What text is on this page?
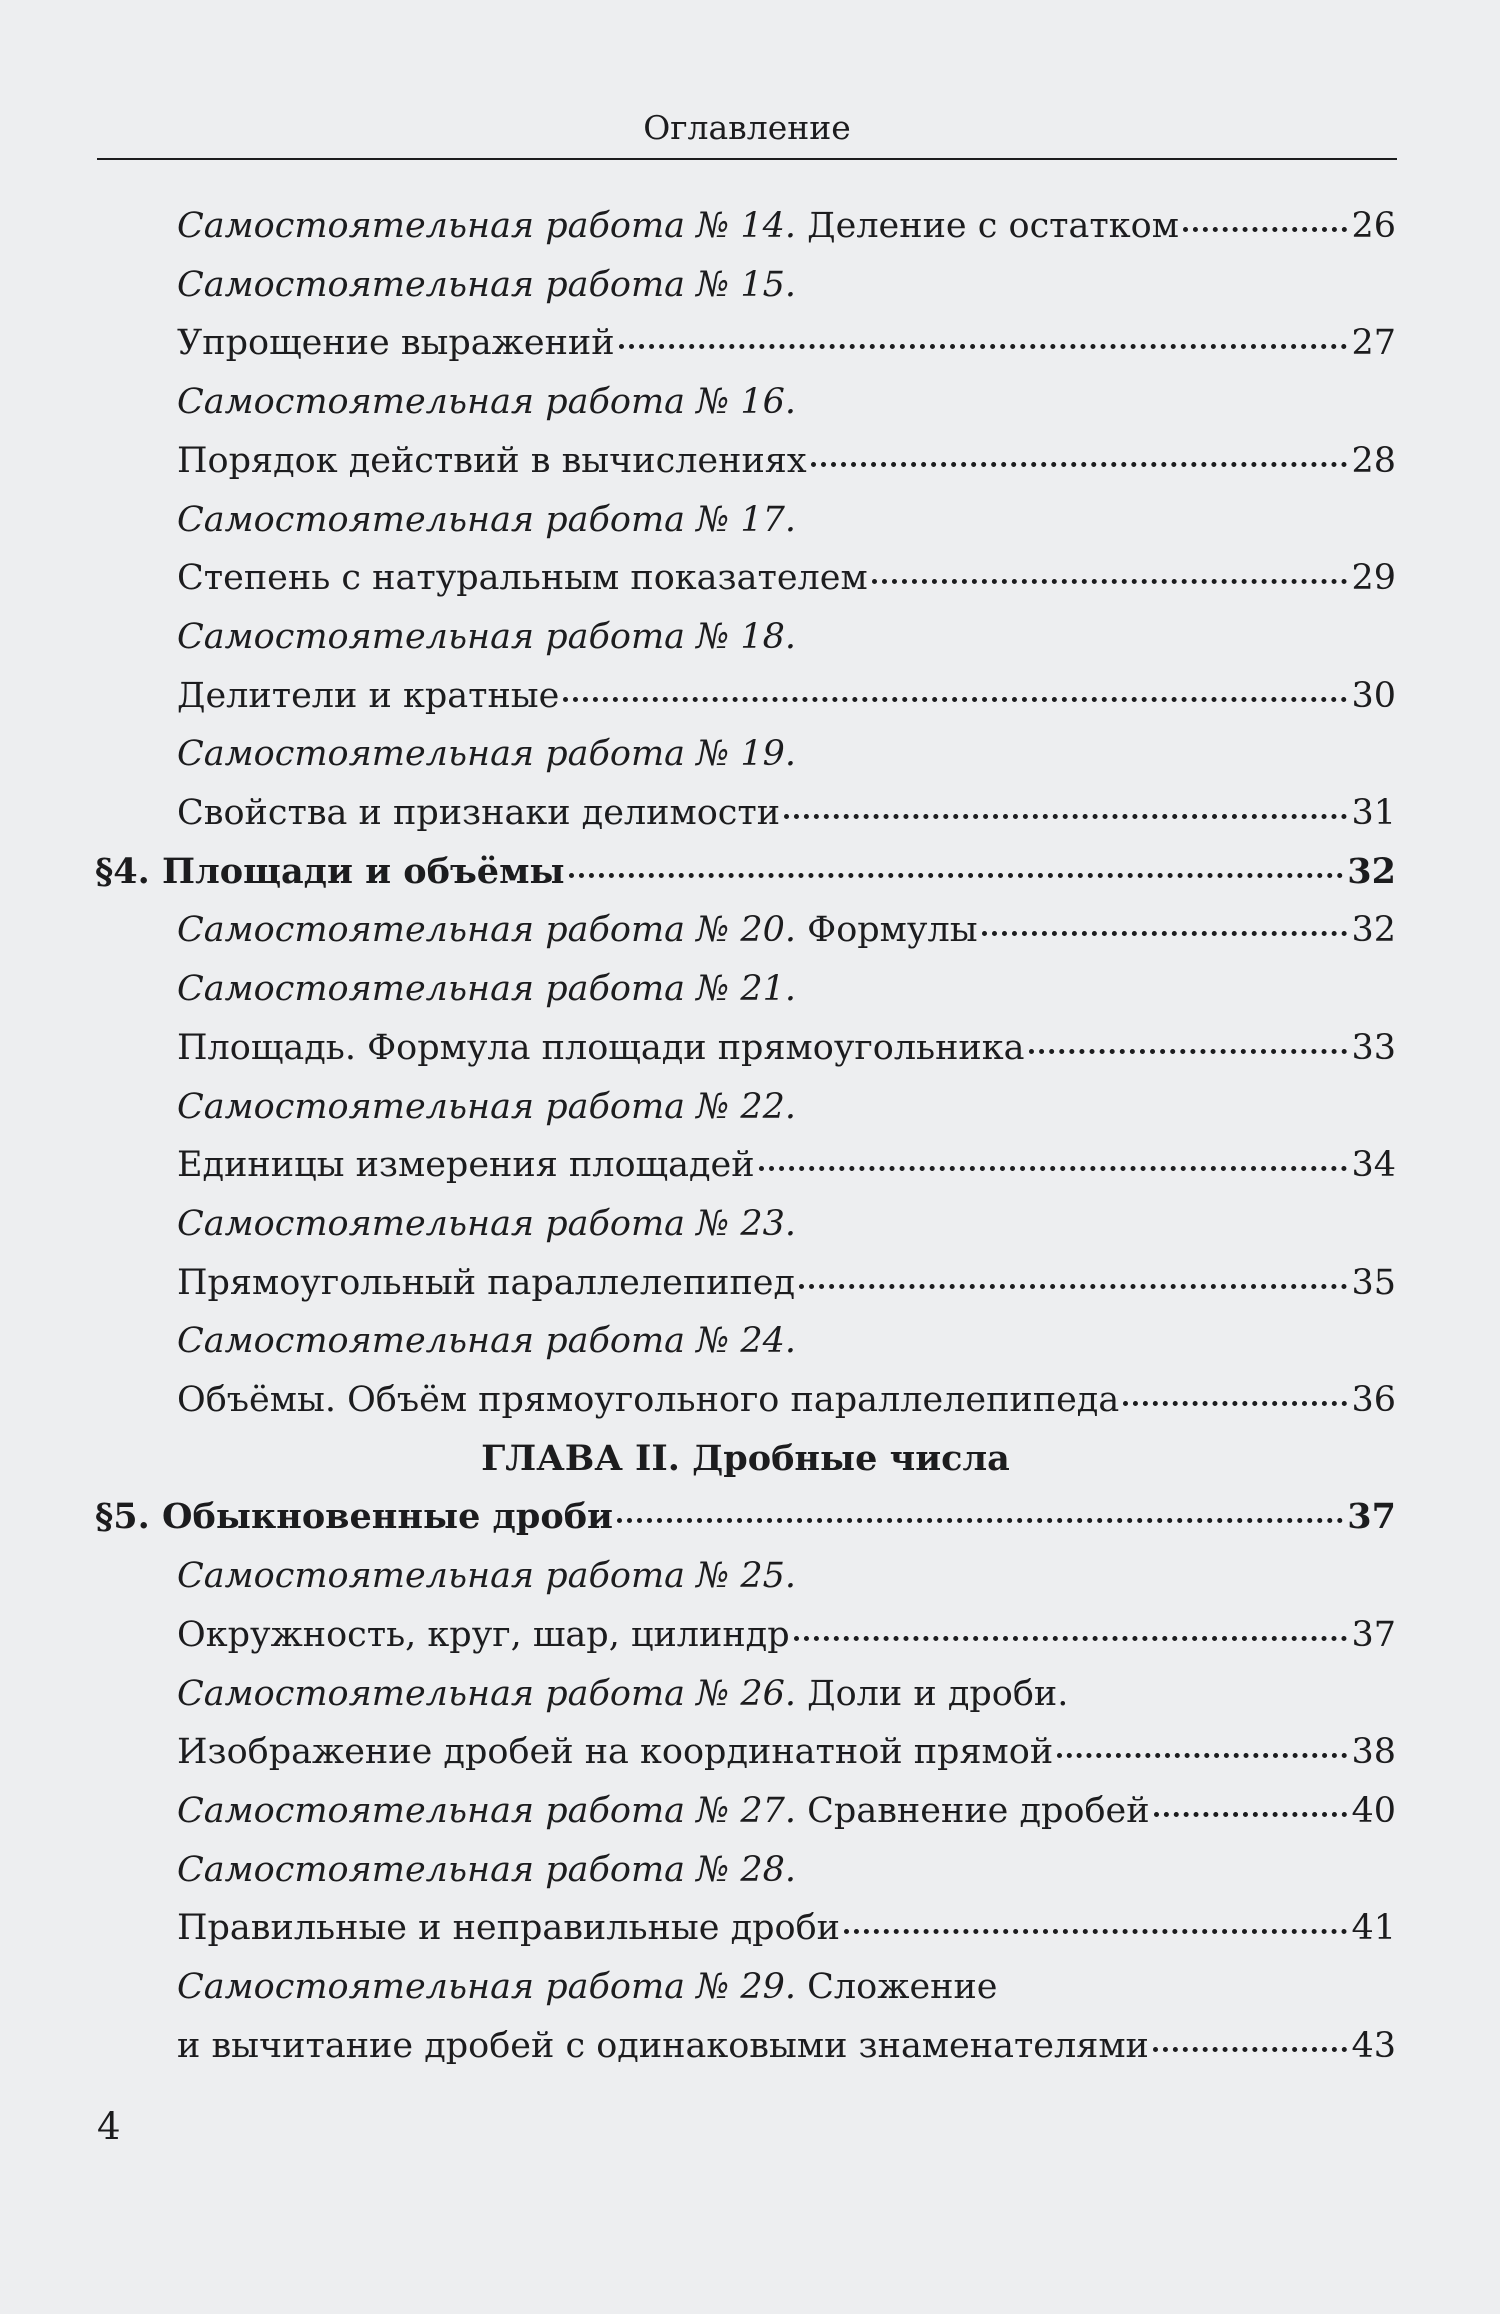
Оглавление
Самостоятельная работа № 14. Деление с остатком	26
Самостоятельная работа № 15.
Упрощение выражений	27
Самостоятельная работа № 16.
Порядок действий в вычислениях	28
Самостоятельная работа № 17.
Степень с натуральным показателем	29
Самостоятельная работа № 18.
Делители и кратные	30
Самостоятельная работа № 19.
Свойства и признаки делимости	31
§4. Площади и объёмы	32
Самостоятельная работа № 20. Формулы	32
Самостоятельная работа № 21.
Площадь. Формула площади прямоугольника	33
Самостоятельная работа № 22.
Единицы измерения площадей	34
Самостоятельная работа № 23.
Прямоугольный параллелепипед	35
Самостоятельная работа № 24.
Объёмы. Объём прямоугольного параллелепипеда	36
ГЛАВА II. Дробные числа
§5. Обыкновенные дроби	37
Самостоятельная работа № 25.
Окружность, круг, шар, цилиндр	37
Самостоятельная работа № 26. Доли и дроби.
Изображение дробей на координатной прямой	38
Самостоятельная работа № 27. Сравнение дробей	40
Самостоятельная работа № 28.
Правильные и неправильные дроби	41
Самостоятельная работа № 29. Сложение
и вычитание дробей с одинаковыми знаменателями	43
4
